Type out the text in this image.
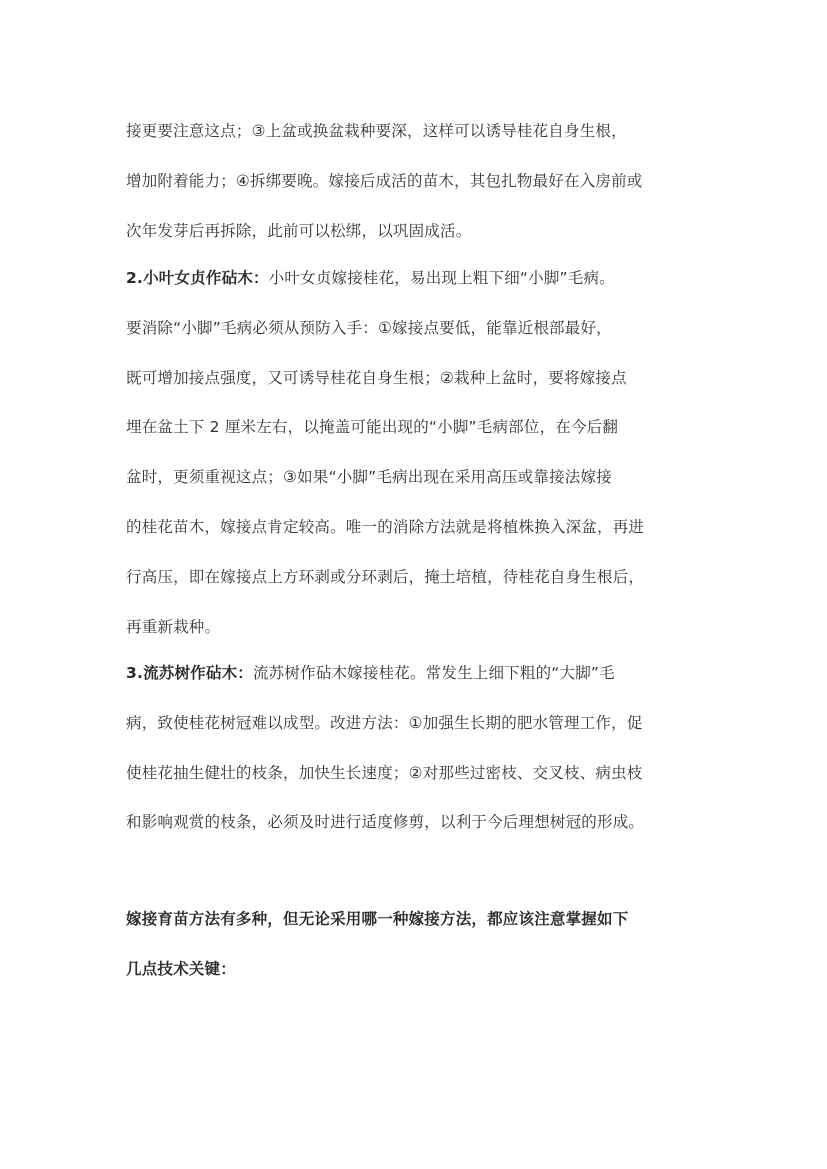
接更要注意这点；③上盆或换盆栽种要深，这样可以诱导桂花自身生根，
增加附着能力；④拆绑要晚。嫁接后成活的苗木，其包扎物最好在入房前或
次年发芽后再拆除，此前可以松绑，以巩固成活。
2.小叶女贞作砧木：小叶女贞嫁接桂花，易出现上粗下细“小脚”毛病。
要消除“小脚”毛病必须从预防入手：①嫁接点要低，能靠近根部最好，
既可增加接点强度，又可诱导桂花自身生根；②栽种上盆时，要将嫁接点
埋在盆土下 2 厘米左右，以掩盖可能出现的“小脚”毛病部位，在今后翻
盆时，更须重视这点；③如果“小脚”毛病出现在采用高压或靠接法嫁接
的桂花苗木，嫁接点肯定较高。唯一的消除方法就是将植株换入深盆，再进
行高压，即在嫁接点上方环剥或分环剥后，掩土培植，待桂花自身生根后，
再重新栽种。
3.流苏树作砧木：流苏树作砧木嫁接桂花。常发生上细下粗的“大脚”毛
病，致使桂花树冠难以成型。改进方法：①加强生长期的肥水管理工作，促
使桂花抽生健壮的枝条，加快生长速度；②对那些过密枝、交叉枝、病虫枝
和影响观赏的枝条，必须及时进行适度修剪，以利于今后理想树冠的形成。
嫁接育苗方法有多种，但无论采用哪一种嫁接方法，都应该注意掌握如下
几点技术关键：
